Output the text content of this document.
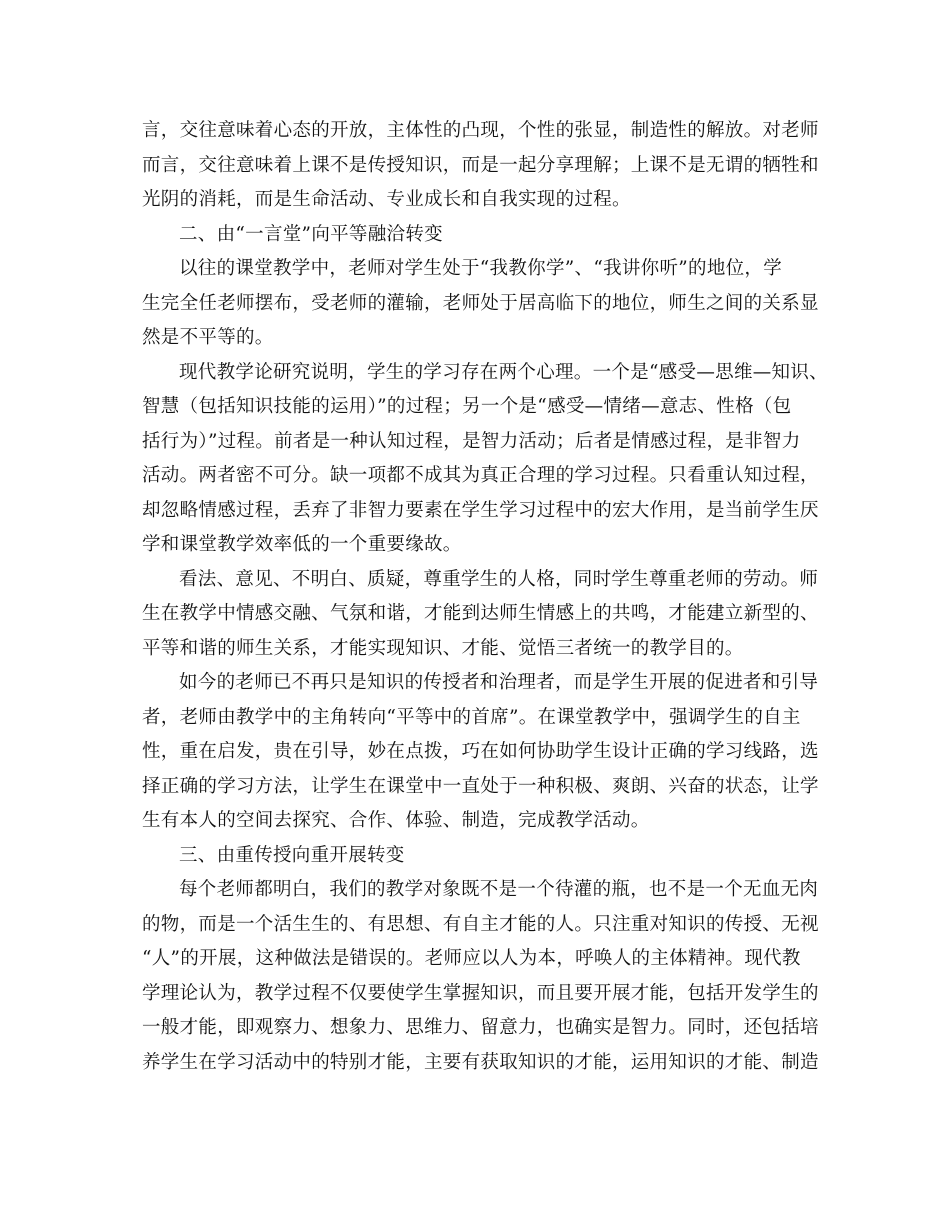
言，交往意味着心态的开放，主体性的凸现，个性的张显，制造性的解放。对老师
而言，交往意味着上课不是传授知识，而是一起分享理解；上课不是无谓的牺牲和
光阴的消耗，而是生命活动、专业成长和自我实现的过程。
二、由“一言堂”向平等融洽转变
以往的课堂教学中，老师对学生处于“我教你学”、“我讲你听”的地位，学
生完全任老师摆布，受老师的灌输，老师处于居高临下的地位，师生之间的关系显
然是不平等的。
现代教学论研究说明，学生的学习存在两个心理。一个是“感受—思维—知识、
智慧（包括知识技能的运用）”的过程；另一个是“感受—情绪—意志、性格（包
括行为）”过程。前者是一种认知过程，是智力活动；后者是情感过程，是非智力
活动。两者密不可分。缺一项都不成其为真正合理的学习过程。只看重认知过程，
却忽略情感过程，丢弃了非智力要素在学生学习过程中的宏大作用，是当前学生厌
学和课堂教学效率低的一个重要缘故。
看法、意见、不明白、质疑，尊重学生的人格，同时学生尊重老师的劳动。师
生在教学中情感交融、气氛和谐，才能到达师生情感上的共鸣，才能建立新型的、
平等和谐的师生关系，才能实现知识、才能、觉悟三者统一的教学目的。
如今的老师已不再只是知识的传授者和治理者，而是学生开展的促进者和引导
者，老师由教学中的主角转向“平等中的首席”。在课堂教学中，强调学生的自主
性，重在启发，贵在引导，妙在点拨，巧在如何协助学生设计正确的学习线路，选
择正确的学习方法，让学生在课堂中一直处于一种积极、爽朗、兴奋的状态，让学
生有本人的空间去探究、合作、体验、制造，完成教学活动。
三、由重传授向重开展转变
每个老师都明白，我们的教学对象既不是一个待灌的瓶，也不是一个无血无肉
的物，而是一个活生生的、有思想、有自主才能的人。只注重对知识的传授、无视
“人”的开展，这种做法是错误的。老师应以人为本，呼唤人的主体精神。现代教
学理论认为，教学过程不仅要使学生掌握知识，而且要开展才能，包括开发学生的
一般才能，即观察力、想象力、思维力、留意力，也确实是智力。同时，还包括培
养学生在学习活动中的特别才能，主要有获取知识的才能，运用知识的才能、制造
